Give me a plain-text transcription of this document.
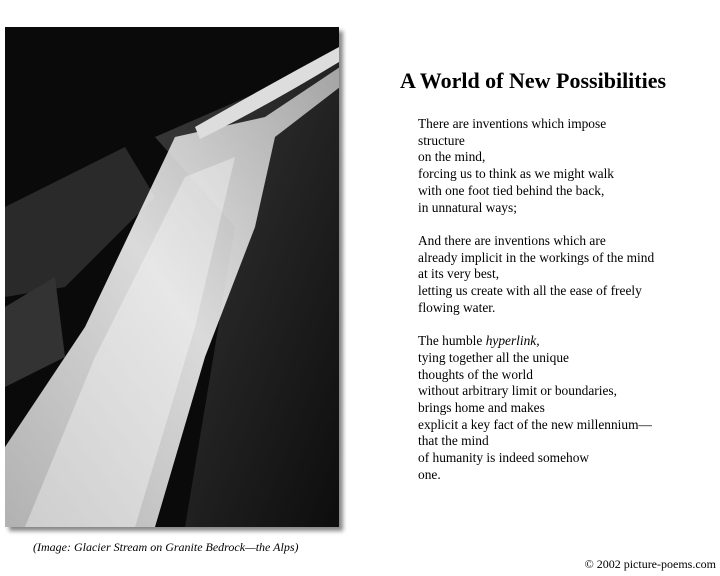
(Image: Glacier Stream on Granite Bedrock—the Alps)
A World of New Possibilities
There are inventions which impose
structure
on the mind,
forcing us to think as we might walk
with one foot tied behind the back,
in unnatural ways;
And there are inventions which are
already implicit in the workings of the mind
at its very best,
letting us create with all the ease of freely
flowing water.
The humble hyperlink,
tying together all the unique
thoughts of the world
without arbitrary limit or boundaries,
brings home and makes
explicit a key fact of the new millennium—
that the mind
of humanity is indeed somehow
one.
© 2002 picture-poems.com
